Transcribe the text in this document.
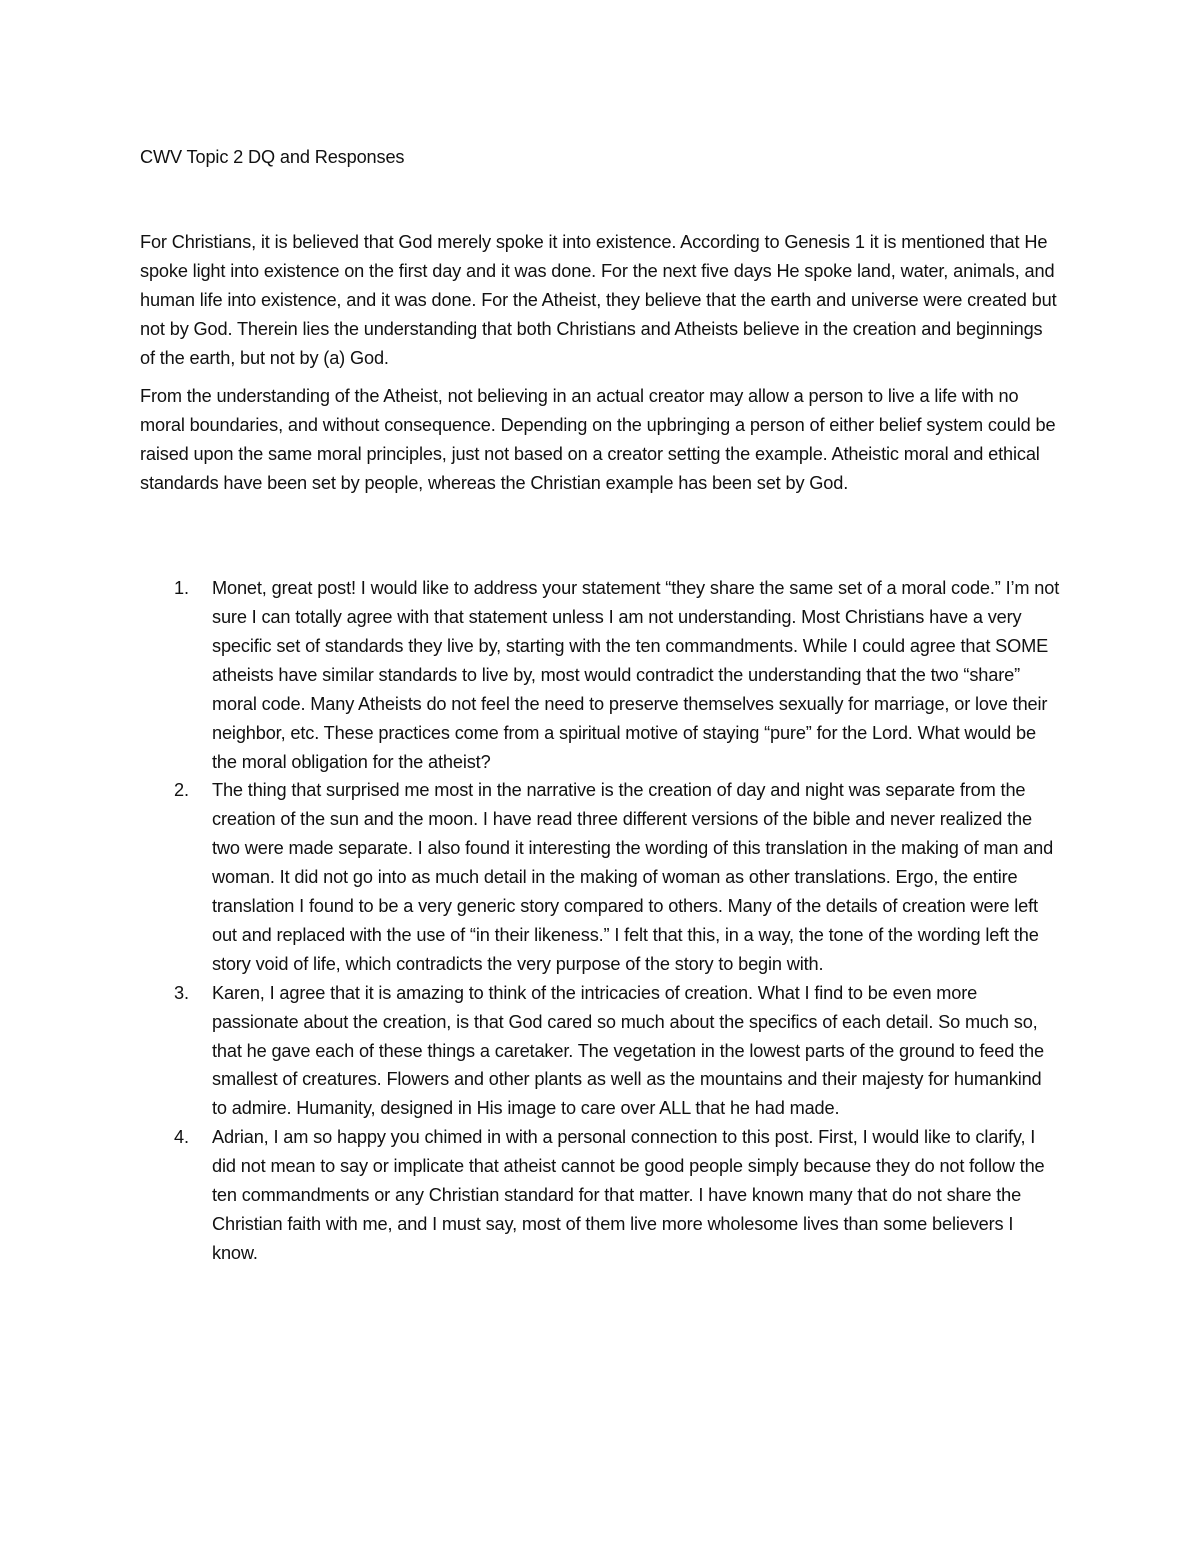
CWV Topic 2 DQ and Responses

For Christians, it is believed that God merely spoke it into existence. According to Genesis 1 it is mentioned that He spoke light into existence on the first day and it was done. For the next five days He spoke land, water, animals, and human life into existence, and it was done. For the Atheist, they believe that the earth and universe were created but not by God. Therein lies the understanding that both Christians and Atheists believe in the creation and beginnings of the earth, but not by (a) God.

From the understanding of the Atheist, not believing in an actual creator may allow a person to live a life with no moral boundaries, and without consequence. Depending on the upbringing a person of either belief system could be raised upon the same moral principles, just not based on a creator setting the example. Atheistic moral and ethical standards have been set by people, whereas the Christian example has been set by God.

1. Monet, great post! I would like to address your statement “they share the same set of a moral code.” I’m not sure I can totally agree with that statement unless I am not understanding. Most Christians have a very specific set of standards they live by, starting with the ten commandments. While I could agree that SOME atheists have similar standards to live by, most would contradict the understanding that the two “share” moral code. Many Atheists do not feel the need to preserve themselves sexually for marriage, or love their neighbor, etc. These practices come from a spiritual motive of staying “pure” for the Lord. What would be the moral obligation for the atheist?
2. The thing that surprised me most in the narrative is the creation of day and night was separate from the creation of the sun and the moon. I have read three different versions of the bible and never realized the two were made separate. I also found it interesting the wording of this translation in the making of man and woman. It did not go into as much detail in the making of woman as other translations. Ergo, the entire translation I found to be a very generic story compared to others. Many of the details of creation were left out and replaced with the use of “in their likeness.” I felt that this, in a way, the tone of the wording left the story void of life, which contradicts the very purpose of the story to begin with.
3. Karen, I agree that it is amazing to think of the intricacies of creation. What I find to be even more passionate about the creation, is that God cared so much about the specifics of each detail. So much so, that he gave each of these things a caretaker. The vegetation in the lowest parts of the ground to feed the smallest of creatures. Flowers and other plants as well as the mountains and their majesty for humankind to admire. Humanity, designed in His image to care over ALL that he had made.
4. Adrian, I am so happy you chimed in with a personal connection to this post. First, I would like to clarify, I did not mean to say or implicate that atheist cannot be good people simply because they do not follow the ten commandments or any Christian standard for that matter. I have known many that do not share the Christian faith with me, and I must say, most of them live more wholesome lives than some believers I know.
